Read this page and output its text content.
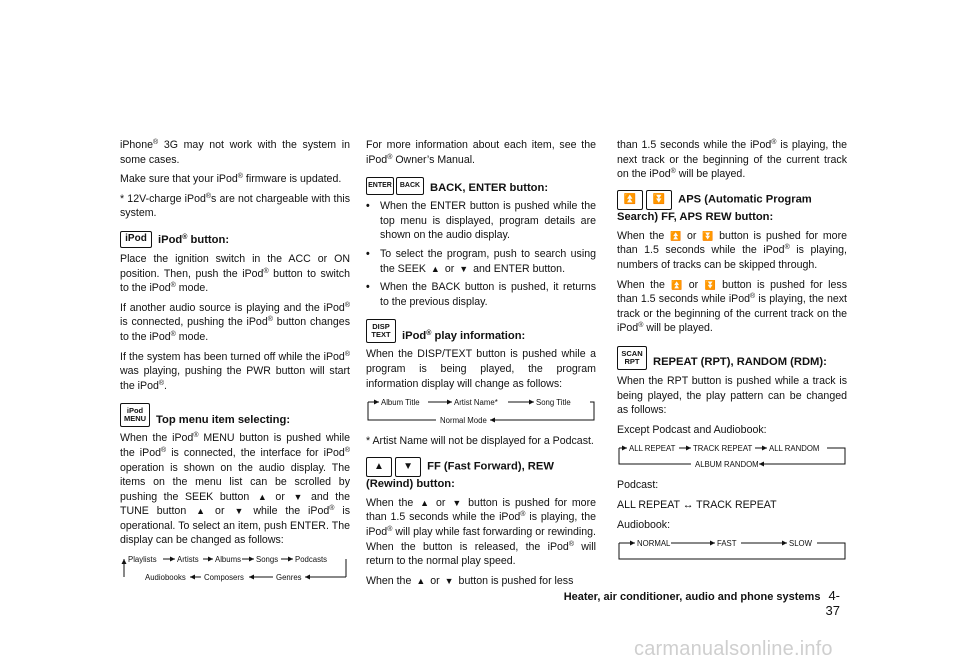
iPhone® 3G may not work with the system in some cases.

Make sure that your iPod® firmware is updated.

* 12V-charge iPod®s are not chargeable with this system.

iPod iPod® button:

Place the ignition switch in the ACC or ON position. Then, push the iPod® button to switch to the iPod® mode.

If another audio source is playing and the iPod® is connected, pushing the iPod® button changes to the iPod® mode.

If the system has been turned off while the iPod® was playing, pushing the PWR button will start the iPod®.

iPod
MENU Top menu item selecting:

When the iPod® MENU button is pushed while the iPod® is connected, the interface for iPod® operation is shown on the audio display. The items on the menu list can be scrolled by pushing the SEEK button ▲ or ▼ and the TUNE button ▲ or ▼ while the iPod® is operational. To select an item, push ENTER. The display can be changed as follows:

Playlists	Artists Albums Songs Podcasts
Audiobooks Composers	Genres

For more information about each item, see the iPod® Owner’s Manual.

ENTER	BACK BACK, ENTER button:
• When the ENTER button is pushed while the top menu is displayed, program details are shown on the audio display.
• To select the program, push to search using the SEEK ▲ or ▼ and ENTER button.
• When the BACK button is pushed, it returns to the previous display.
DISP
TEXT iPod® play information:

When the DISP/TEXT button is pushed while a program is being played, the program information display will change as follows:

Album Title	Artist Name*	Song Title
Normal Mode

* Artist Name will not be displayed for a Podcast.

▲ ▼ FF (Fast Forward), REW (Rewind) button:

When the ▲ or ▼ button is pushed for more than 1.5 seconds while the iPod® is playing, the iPod® will play while fast forwarding or rewinding. When the button is released, the iPod® will return to the normal play speed.

When the ▲ or ▼ button is pushed for less

than 1.5 seconds while the iPod® is playing, the next track or the beginning of the current track on the iPod® will be played.

⏫ ⏬ APS (Automatic Program Search) FF, APS REW button:

When the ⏫ or ⏬ button is pushed for more than 1.5 seconds while the iPod® is playing, numbers of tracks can be skipped through.

When the ⏫ or ⏬ button is pushed for less than 1.5 seconds while iPod® is playing, the next track or the beginning of the current track on the iPod® will be played.

SCAN
RPT REPEAT (RPT), RANDOM (RDM):

When the RPT button is pushed while a track is being played, the play pattern can be changed as follows:

Except Podcast and Audiobook:

ALL REPEAT TRACK REPEAT ALL RANDOM
ALBUM RANDOM

Podcast:

ALL REPEAT ↔ TRACK REPEAT

Audiobook:

NORMAL	FAST	SLOW
Heater, air conditioner, audio and phone systems 4-37
carmanualsonline.info
